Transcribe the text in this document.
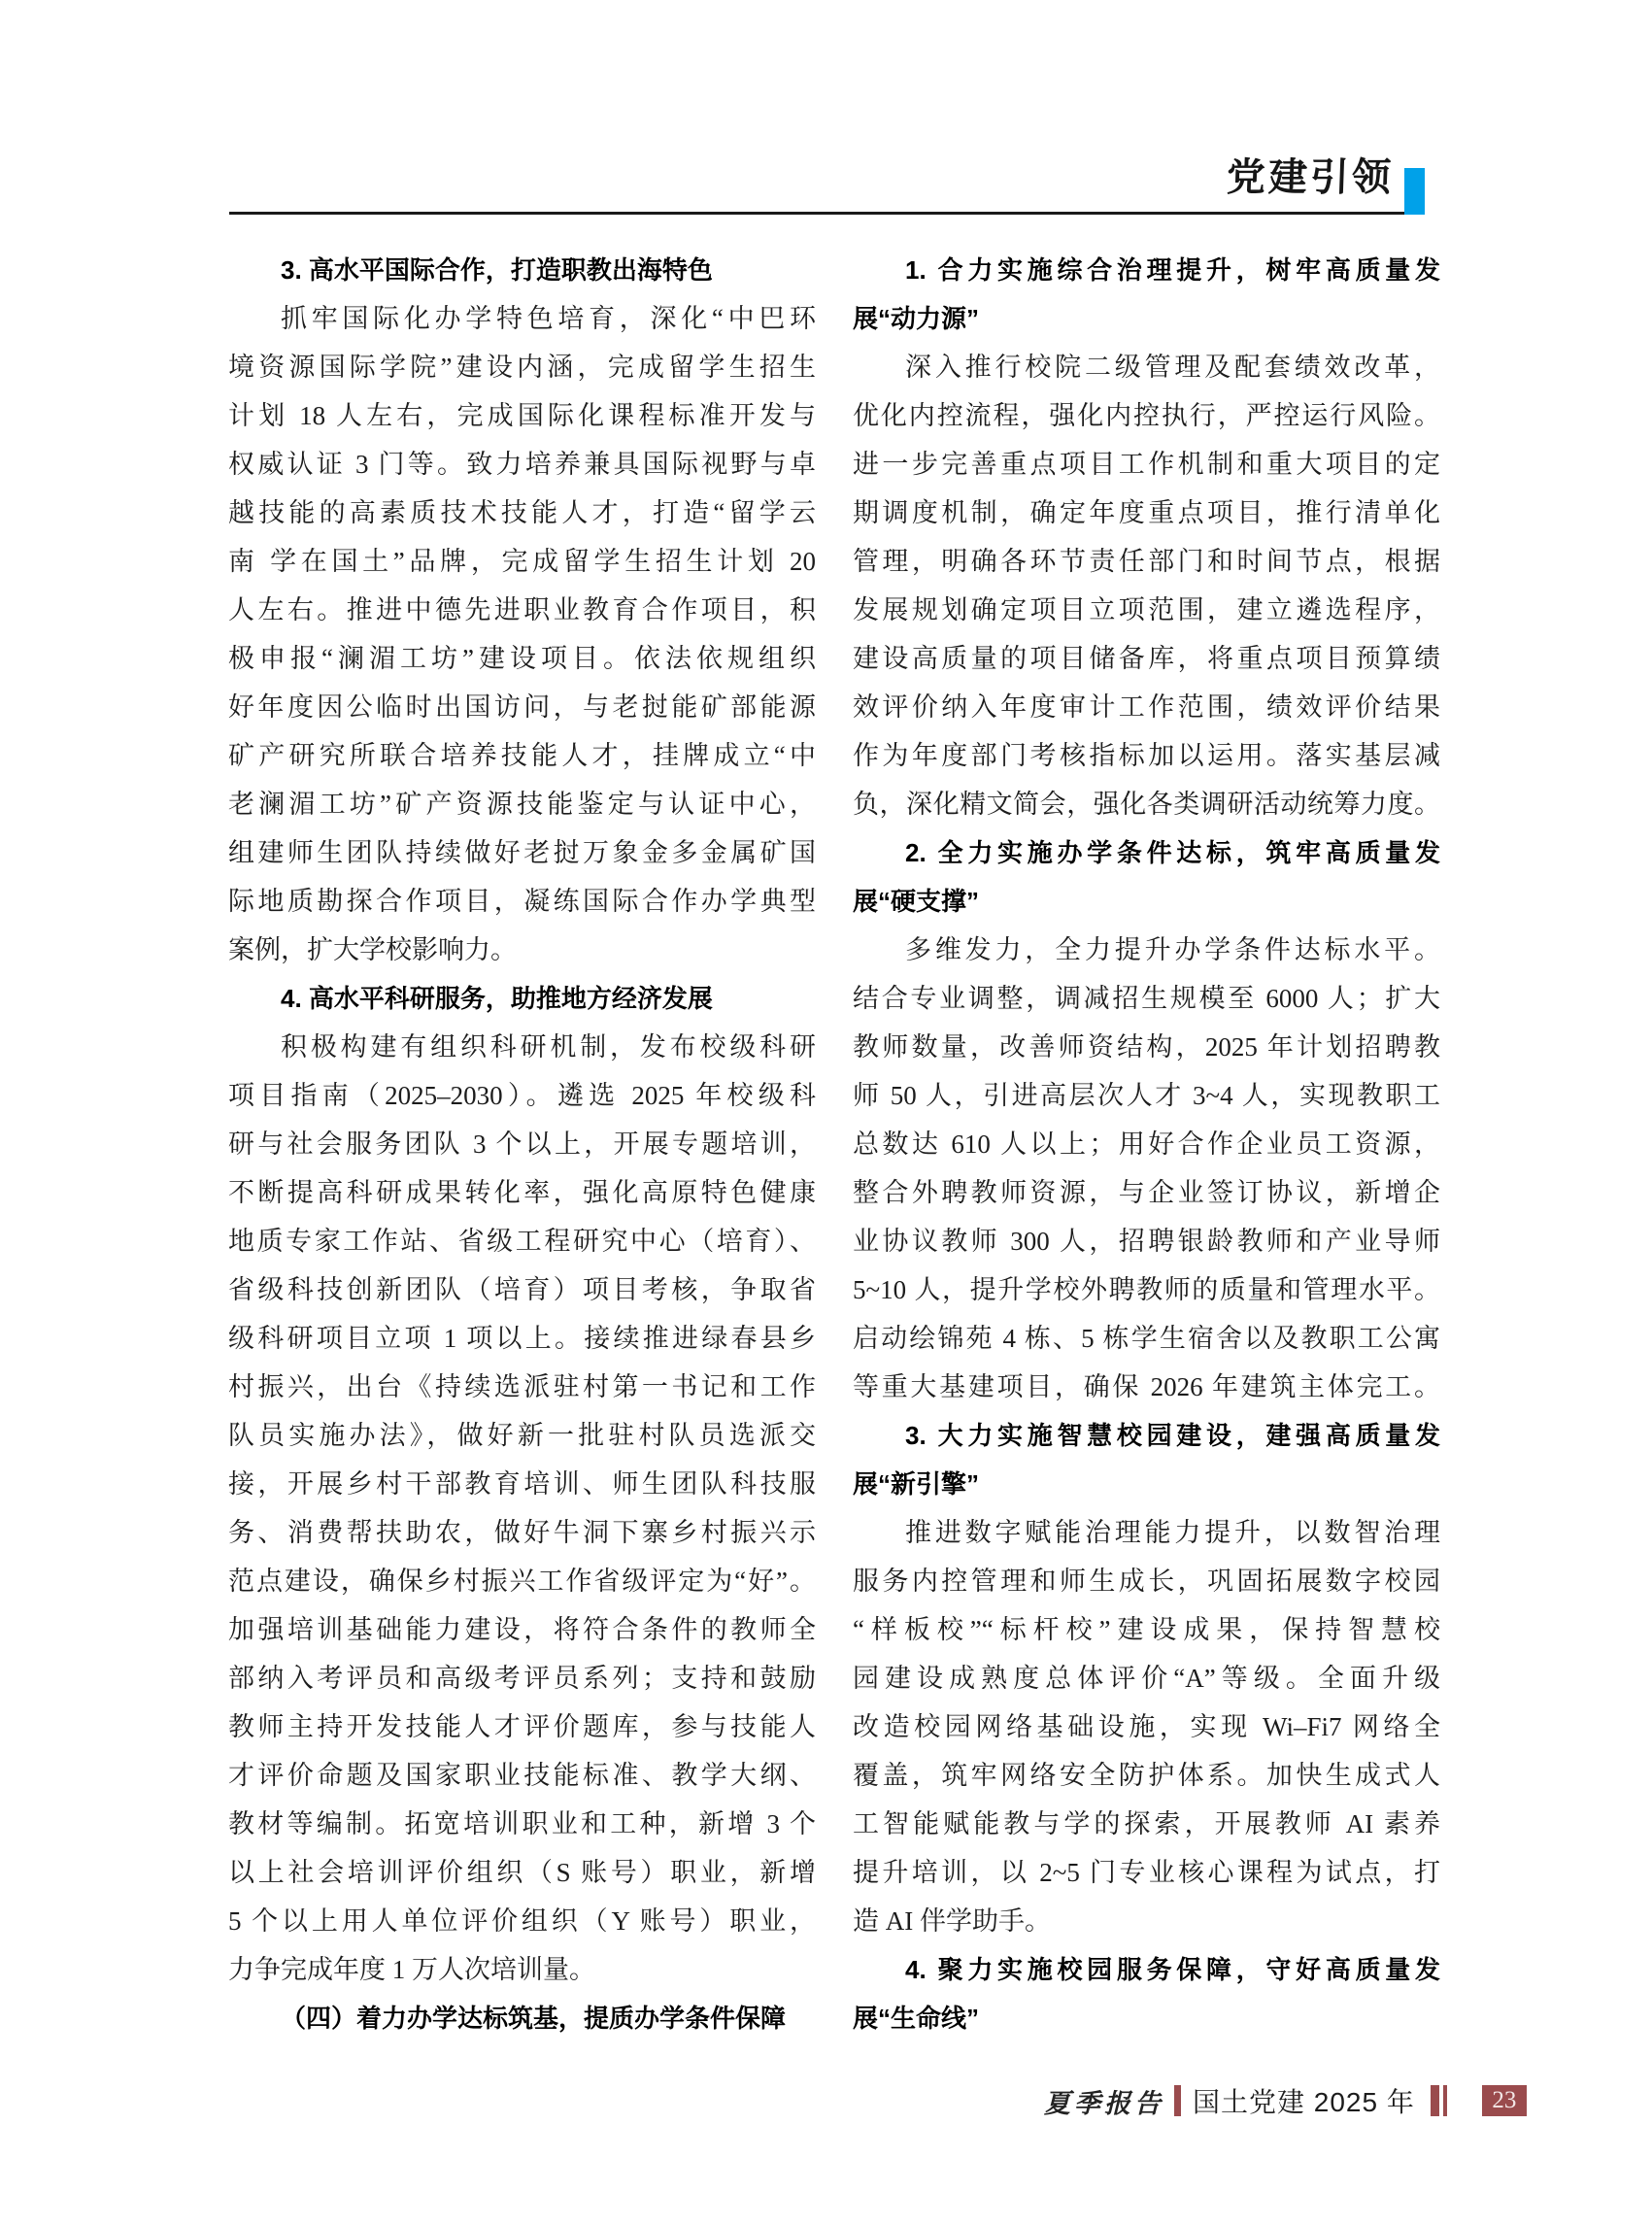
党建引领
3. 高水平国际合作，打造职教出海特色
抓牢国际化办学特色培育，深化“中巴环
境资源国际学院”建设内涵，完成留学生招生
计划 18 人左右，完成国际化课程标准开发与
权威认证 3 门等。致力培养兼具国际视野与卓
越技能的高素质技术技能人才，打造“留学云
南 学在国土”品牌，完成留学生招生计划 20
人左右。推进中德先进职业教育合作项目，积
极申报“澜湄工坊”建设项目。依法依规组织
好年度因公临时出国访问，与老挝能矿部能源
矿产研究所联合培养技能人才，挂牌成立“中
老澜湄工坊”矿产资源技能鉴定与认证中心，
组建师生团队持续做好老挝万象金多金属矿国
际地质勘探合作项目，凝练国际合作办学典型
案例，扩大学校影响力。
4. 高水平科研服务，助推地方经济发展
积极构建有组织科研机制，发布校级科研
项目指南（2025–2030）。遴选 2025 年校级科
研与社会服务团队 3 个以上，开展专题培训，
不断提高科研成果转化率，强化高原特色健康
地质专家工作站、省级工程研究中心（培育）、
省级科技创新团队（培育）项目考核，争取省
级科研项目立项 1 项以上。接续推进绿春县乡
村振兴，出台《持续选派驻村第一书记和工作
队员实施办法》，做好新一批驻村队员选派交
接，开展乡村干部教育培训、师生团队科技服
务、消费帮扶助农，做好牛洞下寨乡村振兴示
范点建设，确保乡村振兴工作省级评定为“好”。
加强培训基础能力建设，将符合条件的教师全
部纳入考评员和高级考评员系列；支持和鼓励
教师主持开发技能人才评价题库，参与技能人
才评价命题及国家职业技能标准、教学大纲、
教材等编制。拓宽培训职业和工种，新增 3 个
以上社会培训评价组织（S 账号）职业，新增
5 个以上用人单位评价组织（Y 账号）职业，
力争完成年度 1 万人次培训量。
（四）着力办学达标筑基，提质办学条件保障
1. 合力实施综合治理提升，树牢高质量发
展“动力源”
深入推行校院二级管理及配套绩效改革，
优化内控流程，强化内控执行，严控运行风险。
进一步完善重点项目工作机制和重大项目的定
期调度机制，确定年度重点项目，推行清单化
管理，明确各环节责任部门和时间节点，根据
发展规划确定项目立项范围，建立遴选程序，
建设高质量的项目储备库，将重点项目预算绩
效评价纳入年度审计工作范围，绩效评价结果
作为年度部门考核指标加以运用。落实基层减
负，深化精文简会，强化各类调研活动统筹力度。
2. 全力实施办学条件达标，筑牢高质量发
展“硬支撑”
多维发力，全力提升办学条件达标水平。
结合专业调整，调减招生规模至 6000 人；扩大
教师数量，改善师资结构，2025 年计划招聘教
师 50 人，引进高层次人才 3~4 人，实现教职工
总数达 610 人以上；用好合作企业员工资源，
整合外聘教师资源，与企业签订协议，新增企
业协议教师 300 人，招聘银龄教师和产业导师
5~10 人，提升学校外聘教师的质量和管理水平。
启动绘锦苑 4 栋、5 栋学生宿舍以及教职工公寓
等重大基建项目，确保 2026 年建筑主体完工。
3. 大力实施智慧校园建设，建强高质量发
展“新引擎”
推进数字赋能治理能力提升，以数智治理
服务内控管理和师生成长，巩固拓展数字校园
“样板校”“标杆校”建设成果，保持智慧校
园建设成熟度总体评价“A”等级。全面升级
改造校园网络基础设施，实现 Wi–Fi7 网络全
覆盖，筑牢网络安全防护体系。加快生成式人
工智能赋能教与学的探索，开展教师 AI 素养
提升培训，以 2~5 门专业核心课程为试点，打
造 AI 伴学助手。
4. 聚力实施校园服务保障，守好高质量发
展“生命线”
夏季报告 国土党建 2025 年	23
